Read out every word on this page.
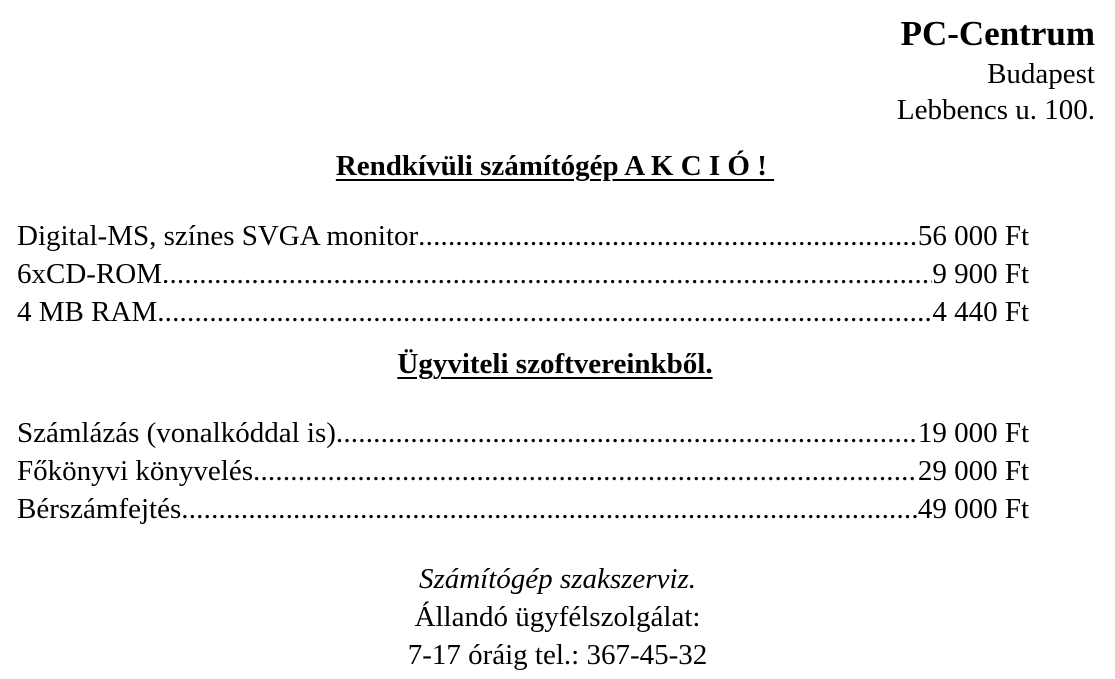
PC-Centrum
Budapest
Lebbencs u. 100.
Rendkívüli számítógép A K C I Ó !
Digital-MS, színes SVGA monitor .....	56 000 Ft
6xCD-ROM .....	9 900 Ft
4 MB RAM .....	4 440 Ft
Ügyviteli szoftvereinkből.
Számlázás (vonalkóddal is) .....	19 000 Ft
Főkönyvi könyvelés .....	29 000 Ft
Bérszámfejtés .....	49 000 Ft
Számítógép szakszerviz.
Állandó ügyfélszolgálat:
7-17 óráig tel.: 367-45-32
